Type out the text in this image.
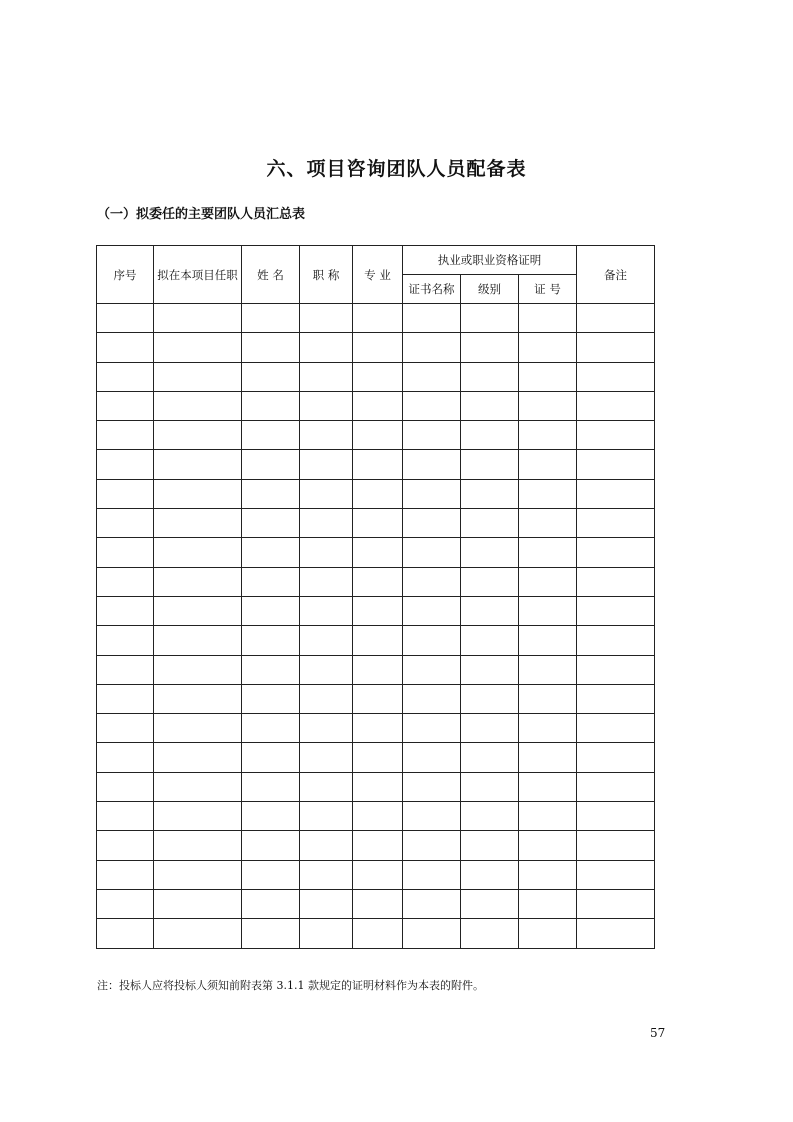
六、项目咨询团队人员配备表
（一）拟委任的主要团队人员汇总表
序号	拟在本项目任职	姓 名	职 称	专 业	执业或职业资格证明			备注
					证书名称	级别	证 号	

注：投标人应将投标人须知前附表第 3.1.1 款规定的证明材料作为本表的附件。

57
